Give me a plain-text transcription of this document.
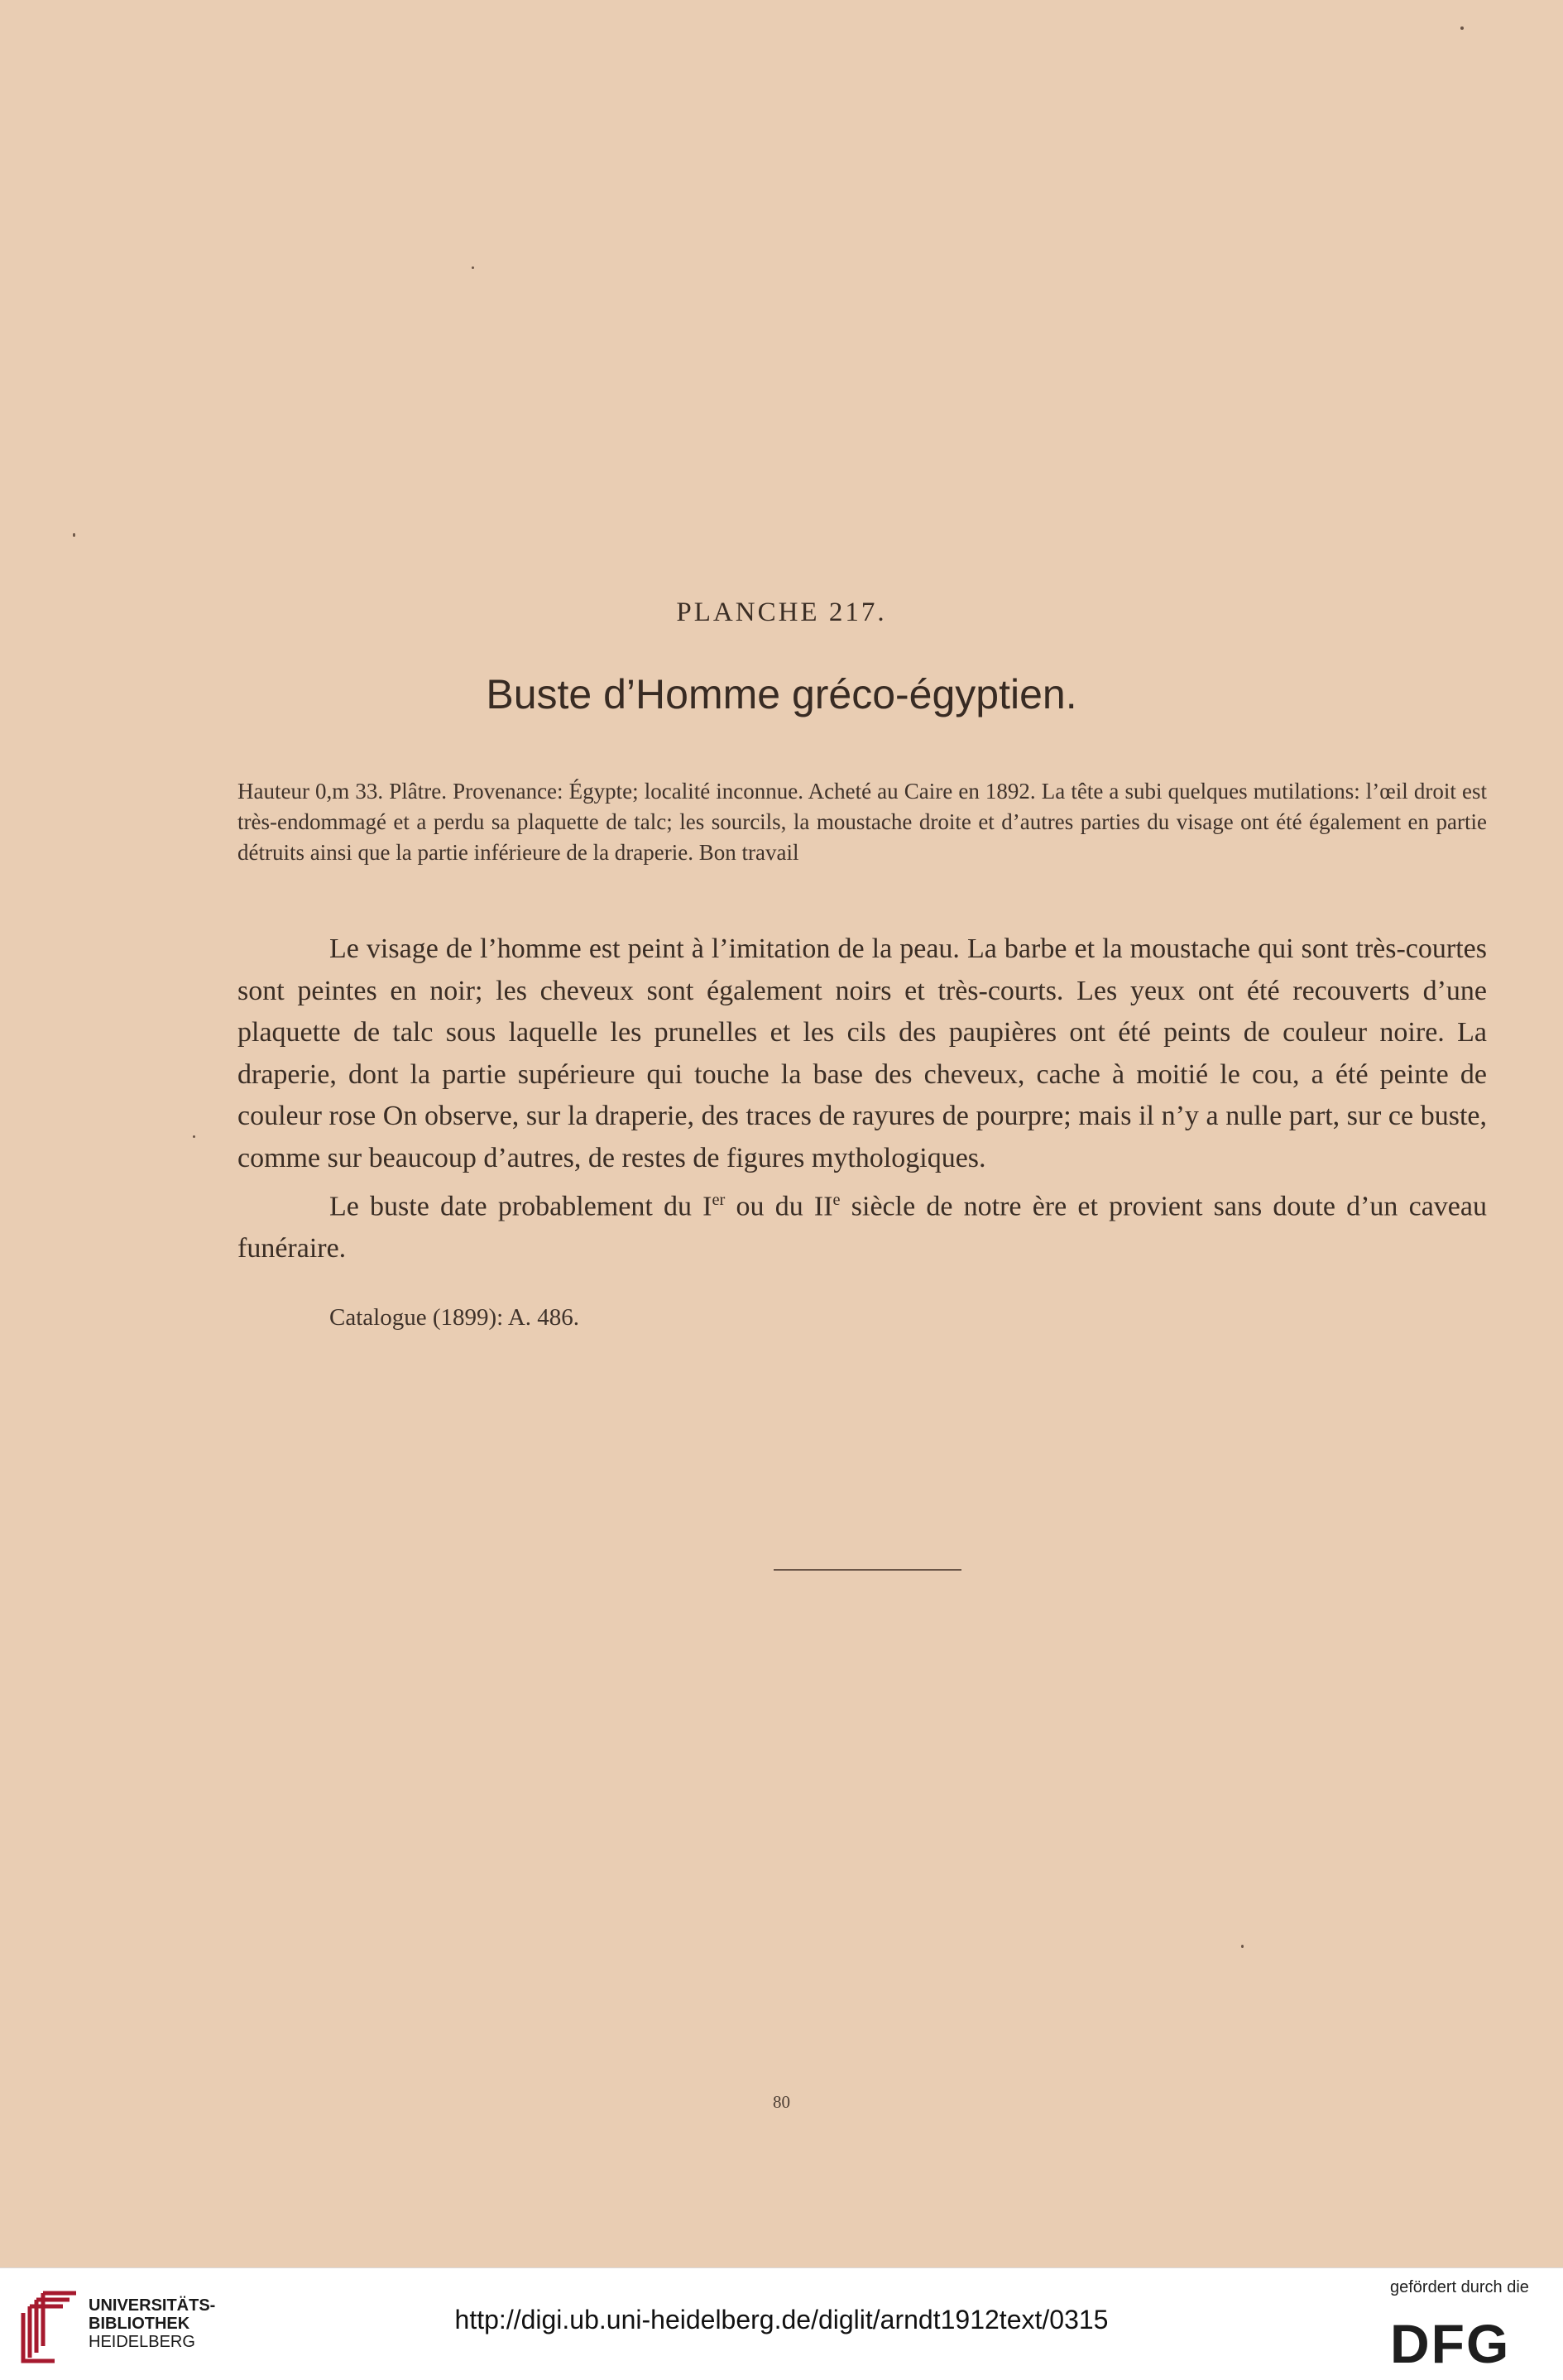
PLANCHE 217.
Buste d’Homme gréco-égyptien.

Hauteur 0,m 33. Plâtre. Provenance: Égypte; localité inconnue. Acheté au Caire en 1892. La tête a subi quelques mutilations: l’œil droit est très-endommagé et a perdu sa plaquette de talc; les sourcils, la moustache droite et d’autres parties du visage ont été également en partie détruits ainsi que la partie inférieure de la draperie. Bon travail

Le visage de l’homme est peint à l’imitation de la peau. La barbe et la moustache qui sont très-courtes sont peintes en noir; les cheveux sont également noirs et très-courts. Les yeux ont été recouverts d’une plaquette de talc sous laquelle les prunelles et les cils des paupières ont été peints de couleur noire. La draperie, dont la partie supérieure qui touche la base des cheveux, cache à moitié le cou, a été peinte de couleur rose On observe, sur la draperie, des traces de rayures de pourpre; mais il n’y a nulle part, sur ce buste, comme sur beaucoup d’autres, de restes de figures mythologiques.

Le buste date probablement du Ier ou du IIe siècle de notre ère et provient sans doute d’un caveau funéraire.

Catalogue (1899): A. 486.
80
UNIVERSITÄTS-
BIBLIOTHEK
HEIDELBERG
http://digi.ub.uni-heidelberg.de/diglit/arndt1912text/0315
gefördert durch die
DFG
